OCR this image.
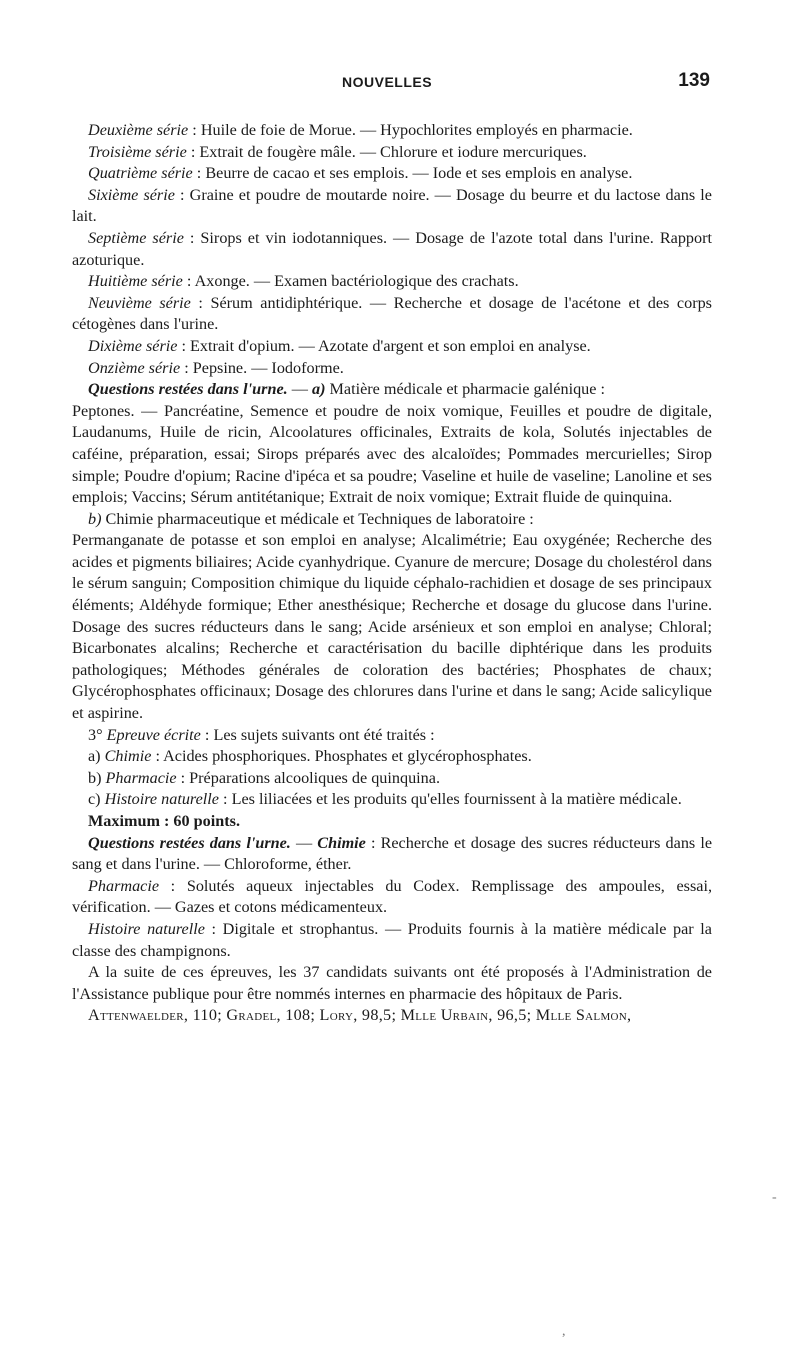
NOUVELLES	139

Deuxième série : Huile de foie de Morue. — Hypochlorites employés en pharmacie.

Troisième série : Extrait de fougère mâle. — Chlorure et iodure mercuriques.

Quatrième série : Beurre de cacao et ses emplois. — Iode et ses emplois en analyse.

Sixième série : Graine et poudre de moutarde noire. — Dosage du beurre et du lactose dans le lait.

Septième série : Sirops et vin iodotanniques. — Dosage de l'azote total dans l'urine. Rapport azoturique.

Huitième série : Axonge. — Examen bactériologique des crachats.

Neuvième série : Sérum antidiphtérique. — Recherche et dosage de l'acétone et des corps cétogènes dans l'urine.

Dixième série : Extrait d'opium. — Azotate d'argent et son emploi en analyse.

Onzième série : Pepsine. — Iodoforme.

Questions restées dans l'urne. — a) Matière médicale et pharmacie galénique :

Peptones. — Pancréatine, Semence et poudre de noix vomique, Feuilles et poudre de digitale, Laudanums, Huile de ricin, Alcoolatures officinales, Extraits de kola, Solutés injectables de caféine, préparation, essai; Sirops préparés avec des alcaloïdes; Pommades mercurielles; Sirop simple; Poudre d'opium; Racine d'ipéca et sa poudre; Vaseline et huile de vaseline; Lanoline et ses emplois; Vaccins; Sérum antitétanique; Extrait de noix vomique; Extrait fluide de quinquina.

b) Chimie pharmaceutique et médicale et Techniques de laboratoire :

Permanganate de potasse et son emploi en analyse; Alcalimétrie; Eau oxygénée; Recherche des acides et pigments biliaires; Acide cyanhydrique. Cyanure de mercure; Dosage du cholestérol dans le sérum sanguin; Composition chimique du liquide céphalo-rachidien et dosage de ses principaux éléments; Aldéhyde formique; Ether anesthésique; Recherche et dosage du glucose dans l'urine. Dosage des sucres réducteurs dans le sang; Acide arsénieux et son emploi en analyse; Chloral; Bicarbonates alcalins; Recherche et caractérisation du bacille diphtérique dans les produits pathologiques; Méthodes générales de coloration des bactéries; Phosphates de chaux; Glycérophosphates officinaux; Dosage des chlorures dans l'urine et dans le sang; Acide salicylique et aspirine.

3° Epreuve écrite : Les sujets suivants ont été traités :

a) Chimie : Acides phosphoriques. Phosphates et glycérophosphates.

b) Pharmacie : Préparations alcooliques de quinquina.

c) Histoire naturelle : Les liliacées et les produits qu'elles fournissent à la matière médicale.

Maximum : 60 points.

Questions restées dans l'urne. — Chimie : Recherche et dosage des sucres réducteurs dans le sang et dans l'urine. — Chloroforme, éther.

Pharmacie : Solutés aqueux injectables du Codex. Remplissage des ampoules, essai, vérification. — Gazes et cotons médicamenteux.

Histoire naturelle : Digitale et strophantus. — Produits fournis à la matière médicale par la classe des champignons.

A la suite de ces épreuves, les 37 candidats suivants ont été proposés à l'Administration de l'Assistance publique pour être nommés internes en pharmacie des hôpitaux de Paris.

Attenwaelder, 110; Gradel, 108; Lory, 98,5; Mlle Urbain, 96,5; Mlle Salmon,

-
,
